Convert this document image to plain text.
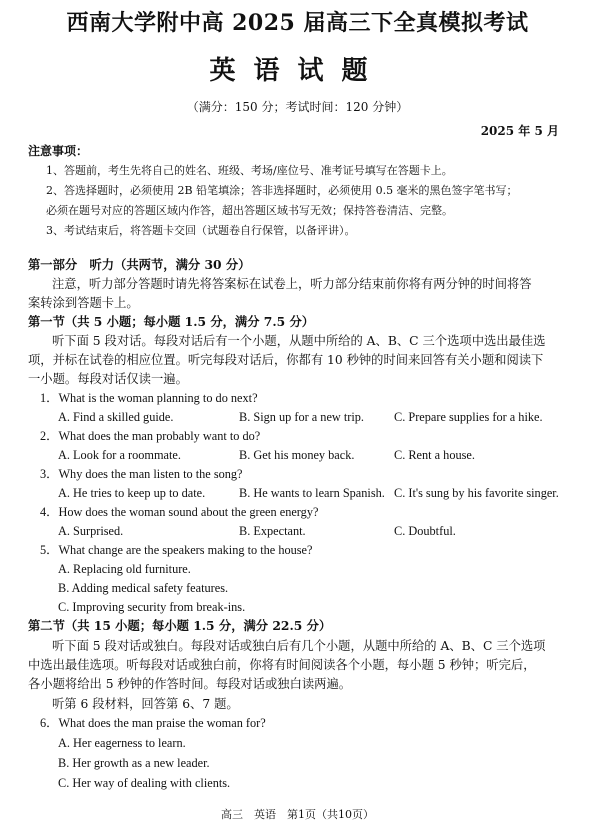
西南大学附中高 2025 届高三下全真模拟考试
英语试题
（满分：150 分；考试时间：120 分钟）
2025 年 5 月
注意事项：

1、答题前，考生先将自己的姓名、班级、考场/座位号、准考证号填写在答题卡上。

2、答选择题时，必须使用 2B 铅笔填涂；答非选择题时，必须使用 0.5 毫米的黑色签字笔书写；

必须在题号对应的答题区域内作答，超出答题区域书写无效；保持答卷清洁、完整。

3、考试结束后，将答题卡交回（试题卷自行保管，以备评讲）。

第一部分　听力（共两节，满分 30 分）
注意，听力部分答题时请先将答案标在试卷上，听力部分结束前你将有两分钟的时间将答
案转涂到答题卡上。
第一节（共 5 小题；每小题 1.5 分，满分 7.5 分）
听下面 5 段对话。每段对话后有一个小题，从题中所给的 A、B、C 三个选项中选出最佳选
项，并标在试卷的相应位置。听完每段对话后，你都有 10 秒钟的时间来回答有关小题和阅读下
一小题。每段对话仅读一遍。
1．What is the woman planning to do next?
A. Find a skilled guide.	B. Sign up for a new trip. C. Prepare supplies for a hike.
2．What does the man probably want to do?
A. Look for a roommate.	B. Get his money back.	C. Rent a house.
3．Why does the man listen to the song?
A. He tries to keep up to date.	B. He wants to learn Spanish. C. It's sung by his favorite singer.
4．How does the woman sound about the green energy?
A. Surprised.	B. Expectant.	C. Doubtful.
5．What change are the speakers making to the house?
A. Replacing old furniture.
B. Adding medical safety features.
C. Improving security from break-ins.
第二节（共 15 小题；每小题 1.5 分，满分 22.5 分）
听下面 5 段对话或独白。每段对话或独白后有几个小题，从题中所给的 A、B、C 三个选项
中选出最佳选项。听每段对话或独白前，你将有时间阅读各个小题，每小题 5 秒钟；听完后，
各小题将给出 5 秒钟的作答时间。每段对话或独白读两遍。
听第 6 段材料，回答第 6、7 题。
6．What does the man praise the woman for?
A. Her eagerness to learn.
B. Her growth as a new leader.
C. Her way of dealing with clients.
高三　英语　第1页（共10页）
